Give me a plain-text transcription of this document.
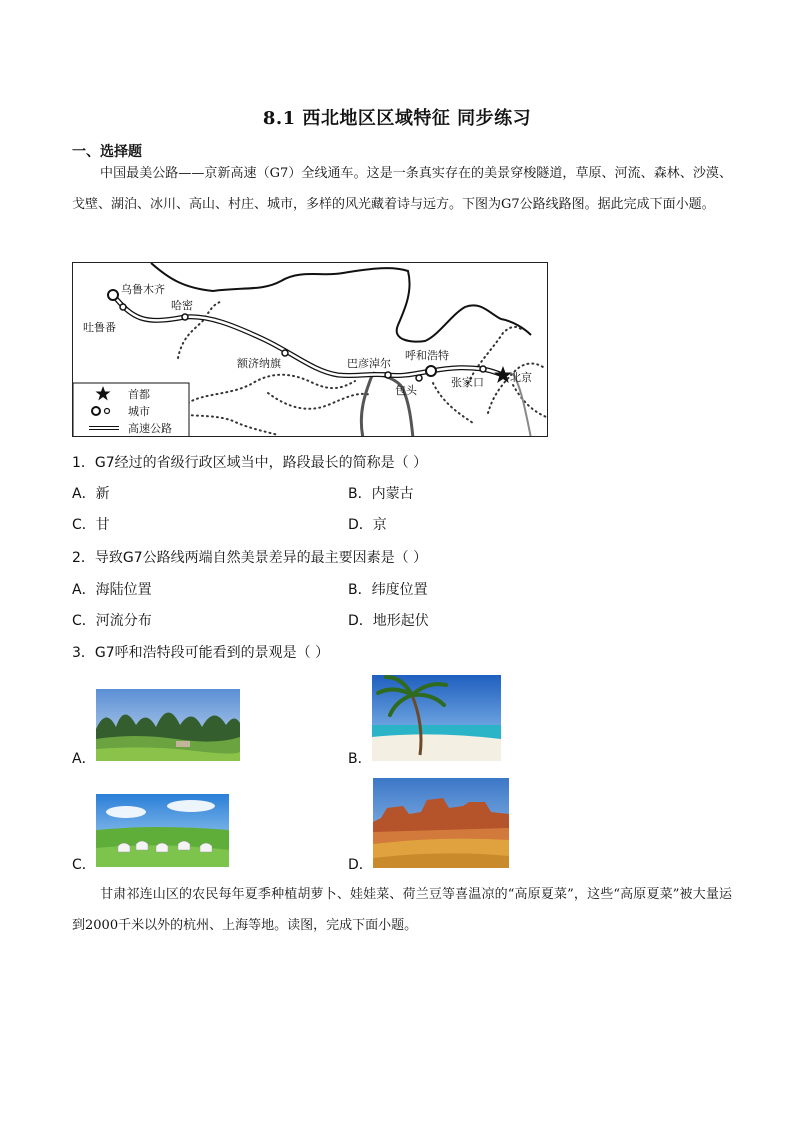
8.1 西北地区区域特征 同步练习
一、选择题
中国最美公路——京新高速（G7）全线通车。这是一条真实存在的美景穿梭隧道，草原、河流、森林、沙漠、戈壁、湖泊、冰川、高山、村庄、城市，多样的风光藏着诗与远方。下图为G7公路线路图。据此完成下面小题。
乌鲁木齐
吐鲁番
哈密
额济纳旗	巴彦淖尔
呼和浩特
包头
张家口 北京
首都
城市
高速公路
1．G7经过的省级行政区域当中，路段最长的简称是（ ）
A．新	B．内蒙古
C．甘	D．京
2．导致G7公路线两端自然美景差异的最主要因素是（ ）
A．海陆位置	B．纬度位置
C．河流分布	D．地形起伏
3．G7呼和浩特段可能看到的景观是（ ）
A．	B．
C．	D．
甘肃祁连山区的农民每年夏季种植胡萝卜、娃娃菜、荷兰豆等喜温凉的“高原夏菜”，这些“高原夏菜”被大量运到2000千米以外的杭州、上海等地。读图，完成下面小题。
